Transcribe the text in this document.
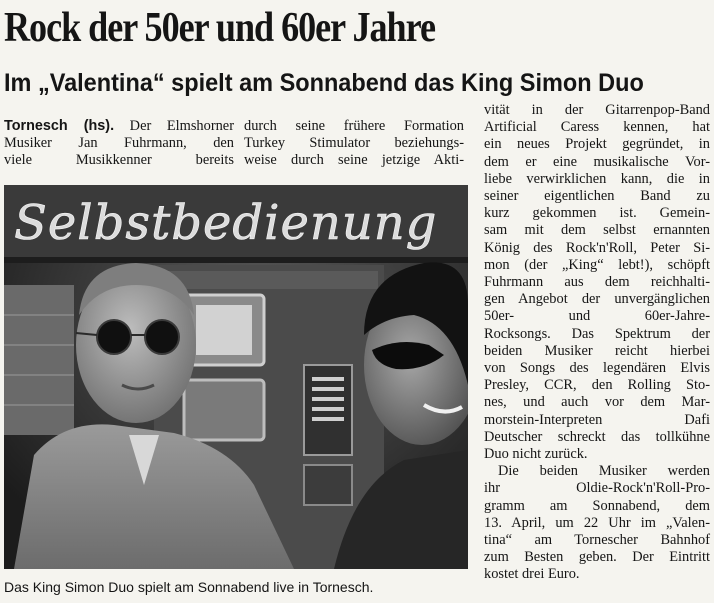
Rock der 50er und 60er Jahre
Im „Valentina“ spielt am Sonnabend das King Simon Duo
Tornesch (hs). Der Elmshorner
Musiker Jan Fuhrmann, den
viele Musikkenner bereits
durch seine frühere Formation
Turkey Stimulator beziehungs-
weise durch seine jetzige Akti-
vität in der Gitarrenpop-Band
Artificial Caress kennen, hat
ein neues Projekt gegründet, in
dem er eine musikalische Vor-
liebe verwirklichen kann, die in
seiner eigentlichen Band zu
kurz gekommen ist. Gemein-
sam mit dem selbst ernannten
König des Rock'n'Roll, Peter Si-
mon (der „King“ lebt!), schöpft
Fuhrmann aus dem reichhalti-
gen Angebot der unvergänglichen
50er- und 60er-Jahre-
Rocksongs. Das Spektrum der
beiden Musiker reicht hierbei
von Songs des legendären Elvis
Presley, CCR, den Rolling Sto-
nes, und auch vor dem Mar-
morstein-Interpreten Dafi
Deutscher schreckt das tollkühne
Duo nicht zurück.
Die beiden Musiker werden
ihr Oldie-Rock'n'Roll-Pro-
gramm am Sonnabend, dem
13. April, um 22 Uhr im „Valen-
tina“ am Tornescher Bahnhof
zum Besten geben. Der Eintritt
kostet drei Euro.
Selbstbedienung

Das King Simon Duo spielt am Sonnabend live in Tornesch.
